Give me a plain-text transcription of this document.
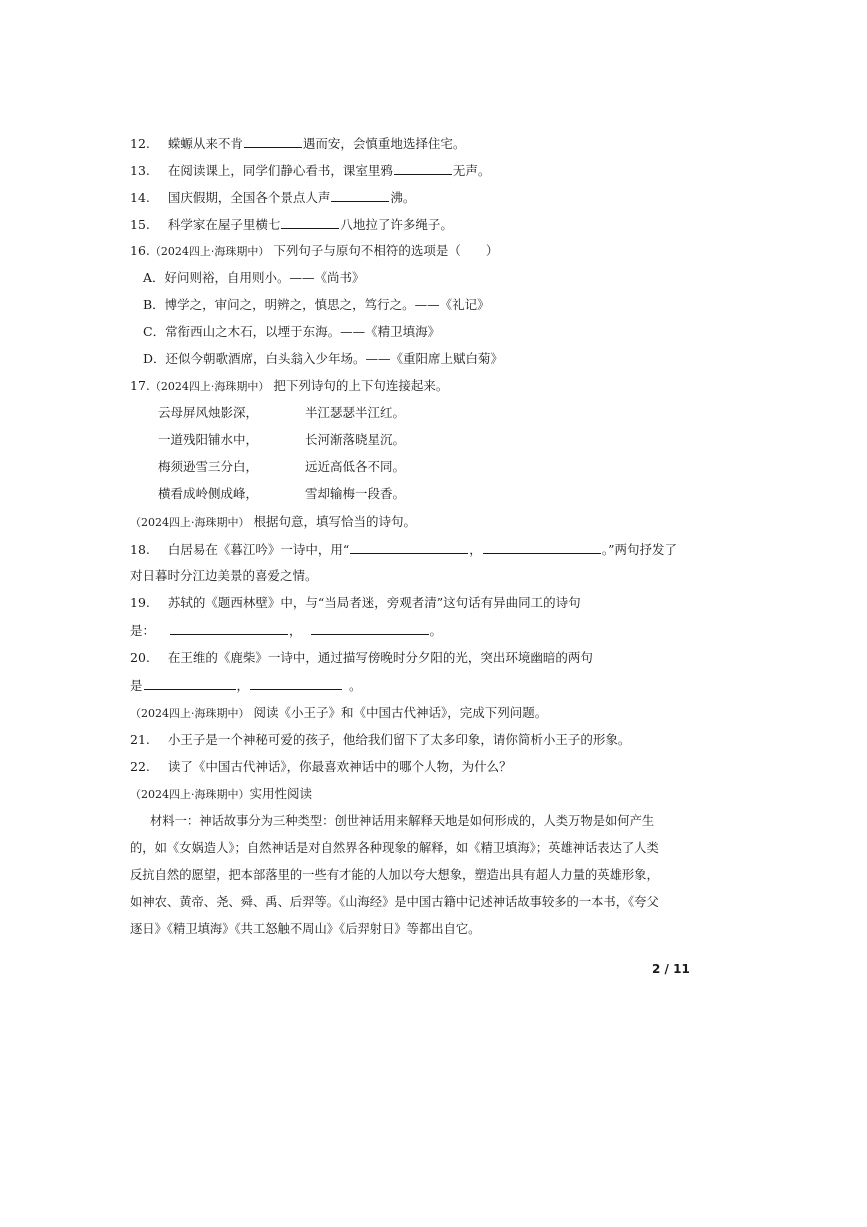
12. 蝾螈从来不肯	遇而安，会慎重地选择住宅。
13. 在阅读课上，同学们静心看书，课室里鸦	无声。
14. 国庆假期，全国各个景点人声	沸。
15. 科学家在屋子里横七	八地拉了许多绳子。
16.（2024四上·海珠期中） 下列句子与原句不相符的选项是（　　）
A．好问则裕，自用则小。——《尚书》
B．博学之，审问之，明辨之，慎思之，笃行之。——《礼记》
C．常衔西山之木石，以堙于东海。——《精卫填海》
D．还似今朝歌酒席，白头翁入少年场。——《重阳席上赋白菊》
17.（2024四上·海珠期中） 把下列诗句的上下句连接起来。
云母屏风烛影深，	半江瑟瑟半江红。
一道残阳铺水中，	长河渐落晓星沉。
梅须逊雪三分白，	远近高低各不同。
横看成岭侧成峰，	雪却输梅一段香。
（2024四上·海珠期中） 根据句意，填写恰当的诗句。
18. 白居易在《暮江吟》一诗中，用“	，	。”两句抒发了
对日暮时分江边美景的喜爱之情。
19. 苏轼的《题西林壁》中，与“当局者迷，旁观者清”这句话有异曲同工的诗句
是：	，	。
20. 在王维的《鹿柴》一诗中，通过描写傍晚时分夕阳的光，突出环境幽暗的两句
是	，	。
（2024四上·海珠期中） 阅读《小王子》和《中国古代神话》，完成下列问题。
21. 小王子是一个神秘可爱的孩子，他给我们留下了太多印象，请你简析小王子的形象。
22. 读了《中国古代神话》，你最喜欢神话中的哪个人物，为什么？
（2024四上·海珠期中）实用性阅读
材料一：神话故事分为三种类型：创世神话用来解释天地是如何形成的，人类万物是如何产生
的，如《女娲造人》；自然神话是对自然界各种现象的解释，如《精卫填海》；英雄神话表达了人类
反抗自然的愿望，把本部落里的一些有才能的人加以夸大想象，塑造出具有超人力量的英雄形象，
如神农、黄帝、尧、舜、禹、后羿等。《山海经》是中国古籍中记述神话故事较多的一本书，《夸父
逐日》《精卫填海》《共工怒触不周山》《后羿射日》等都出自它。
2 / 11
